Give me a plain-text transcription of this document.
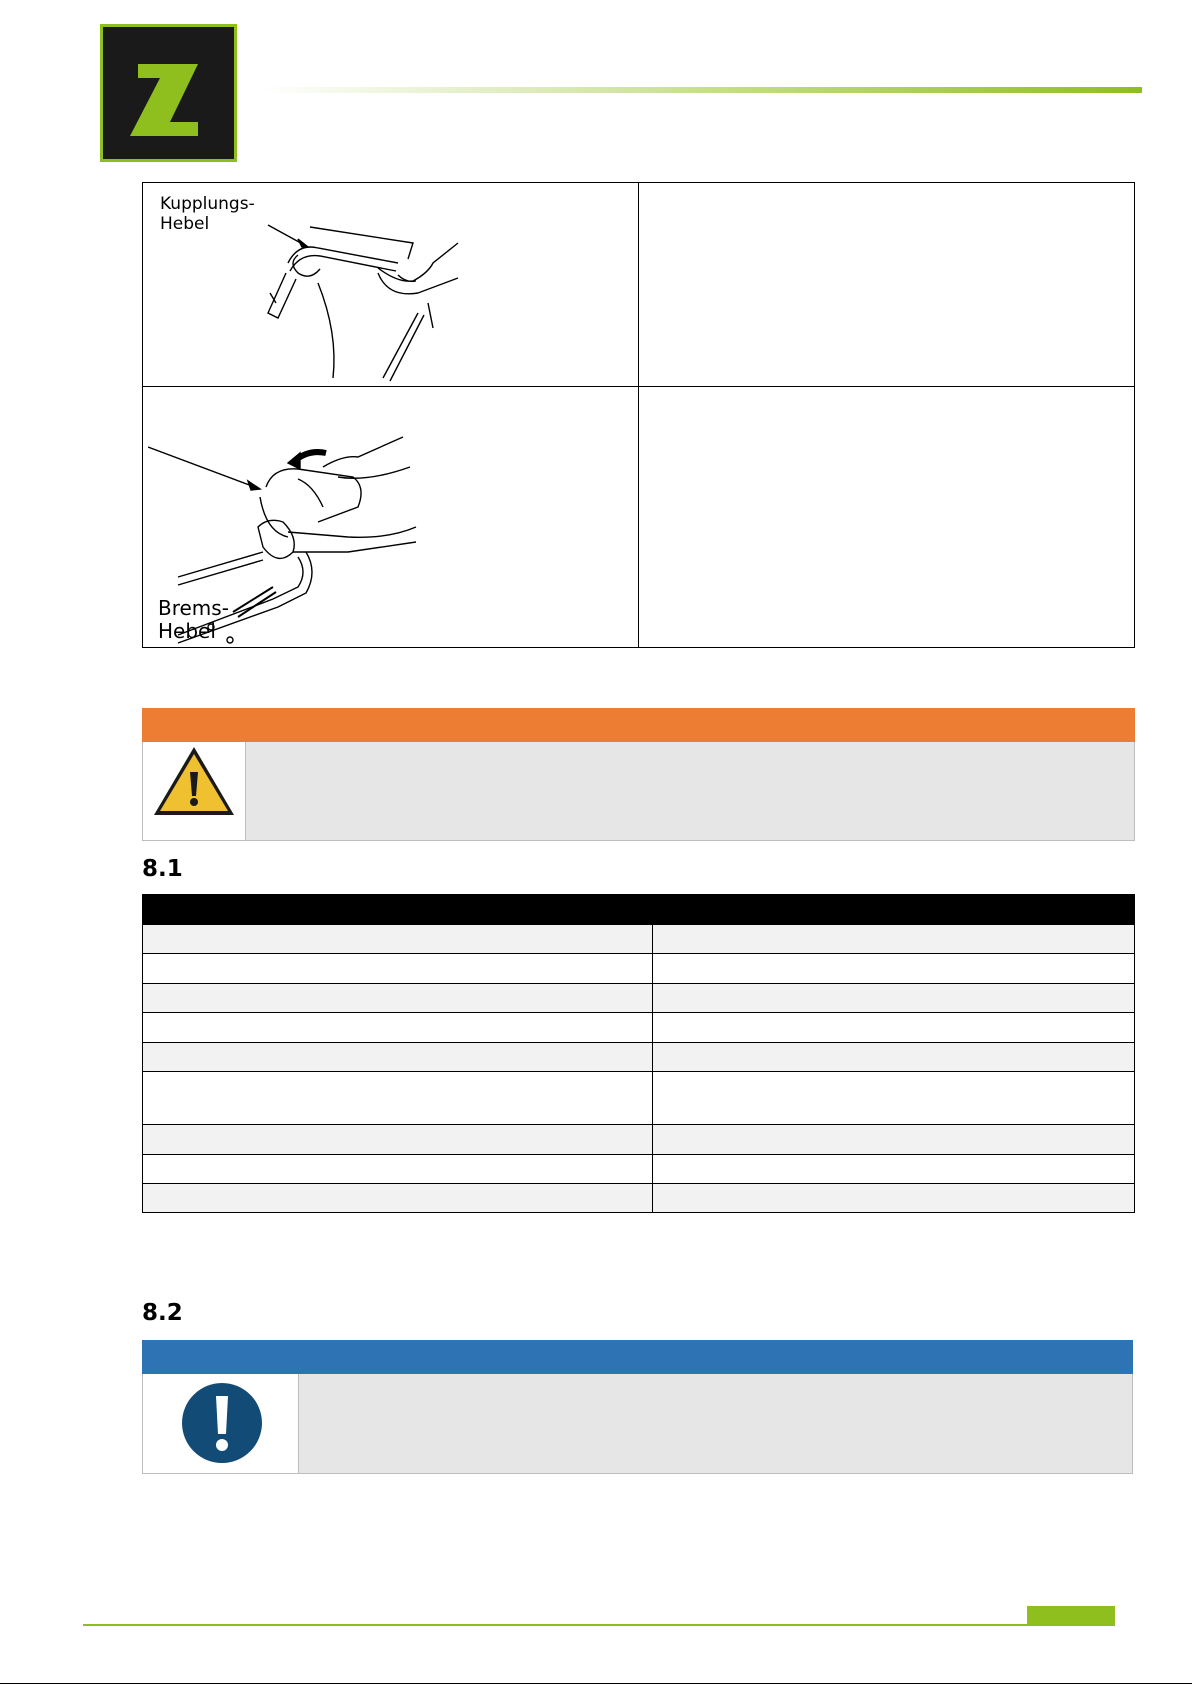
Kupplungs-
Hebel
Brems-
Hebel
8.1
8.2
